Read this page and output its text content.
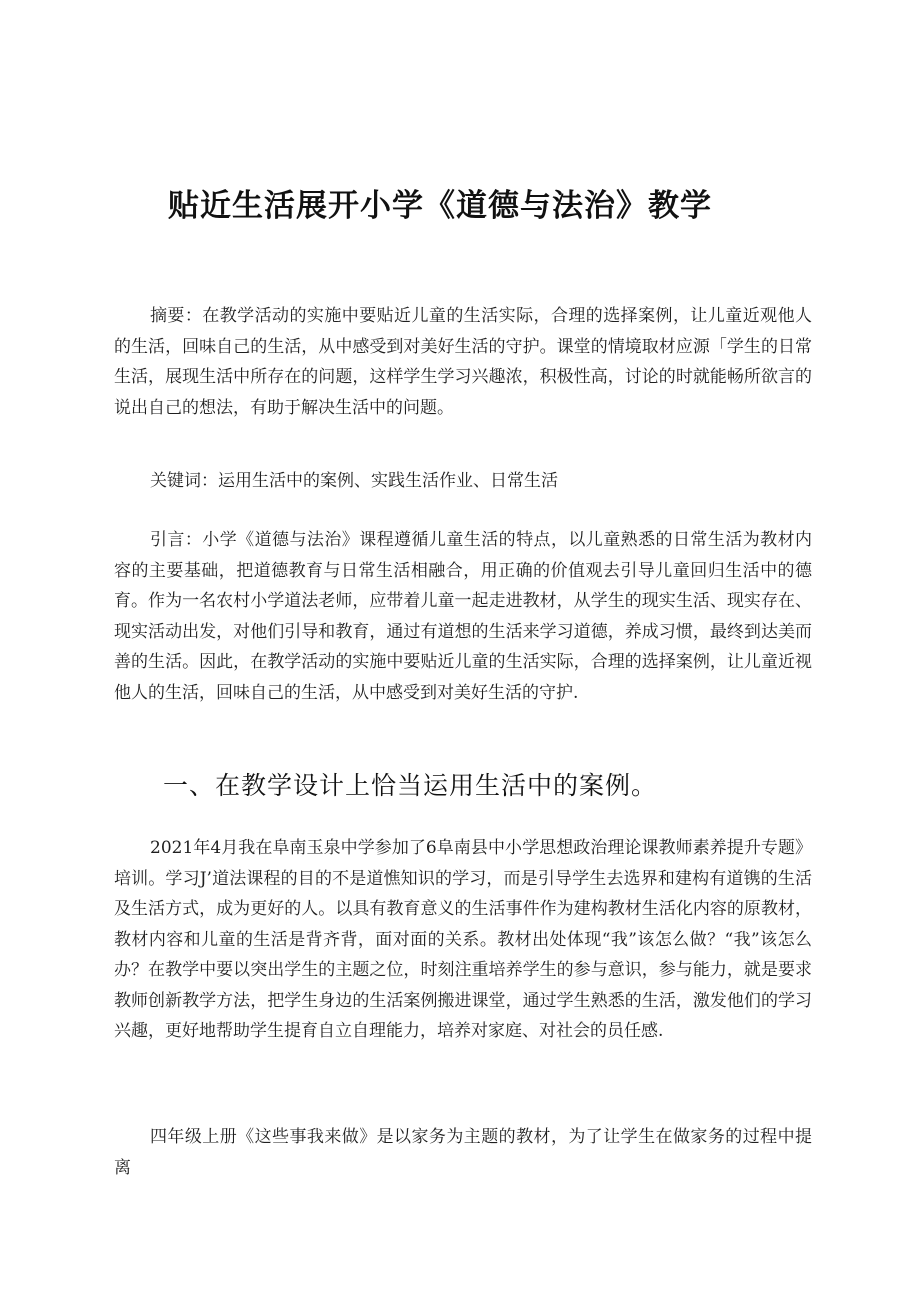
贴近生活展开小学《道德与法治》教学

摘要：在教学活动的实施中要贴近儿童的生活实际，合理的选择案例，让儿童近观他人的生活，回味自己的生活，从中感受到对美好生活的守护。课堂的情境取材应源「学生的日常生活，展现生活中所存在的问题，这样学生学习兴趣浓，积极性高，讨论的时就能畅所欲言的说出自己的想法，有助于解决生活中的问题。

关键词：运用生活中的案例、实践生活作业、日常生活

引言：小学《道德与法治》课程遵循儿童生活的特点，以儿童熟悉的日常生活为教材内容的主要基础，把道德教育与日常生活相融合，用正确的价值观去引导儿童回归生活中的德育。作为一名农村小学道法老师，应带着儿童一起走进教材，从学生的现实生活、现实存在、现实活动出发，对他们引导和教育，通过有道想的生活来学习道德，养成习惯，最终到达美而善的生活。因此，在教学活动的实施中要贴近儿童的生活实际，合理的选择案例，让儿童近视他人的生活，回味自己的生活，从中感受到对美好生活的守护.

一、在教学设计上恰当运用生活中的案例。

2021年4月我在阜南玉泉中学参加了6阜南县中小学思想政治理论课教师素养提升专题》培训。学习J’道法课程的目的不是道憔知识的学习，而是引导学生去选界和建构有道镌的生活及生活方式，成为更好的人。以具有教育意义的生活事件作为建构教材生活化内容的原教材，教材内容和儿童的生活是背齐背，面对面的关系。教材出处体现“我”该怎么做？“我”该怎么办？在教学中要以突出学生的主题之位，时刻注重培养学生的参与意识，参与能力，就是要求教师创新教学方法，把学生身边的生活案例搬进课堂，通过学生熟悉的生活，激发他们的学习兴趣，更好地帮助学生提育自立自理能力，培养对家庭、对社会的员任感.

四年级上册《这些事我来做》是以家务为主题的教材，为了让学生在做家务的过程中提离
